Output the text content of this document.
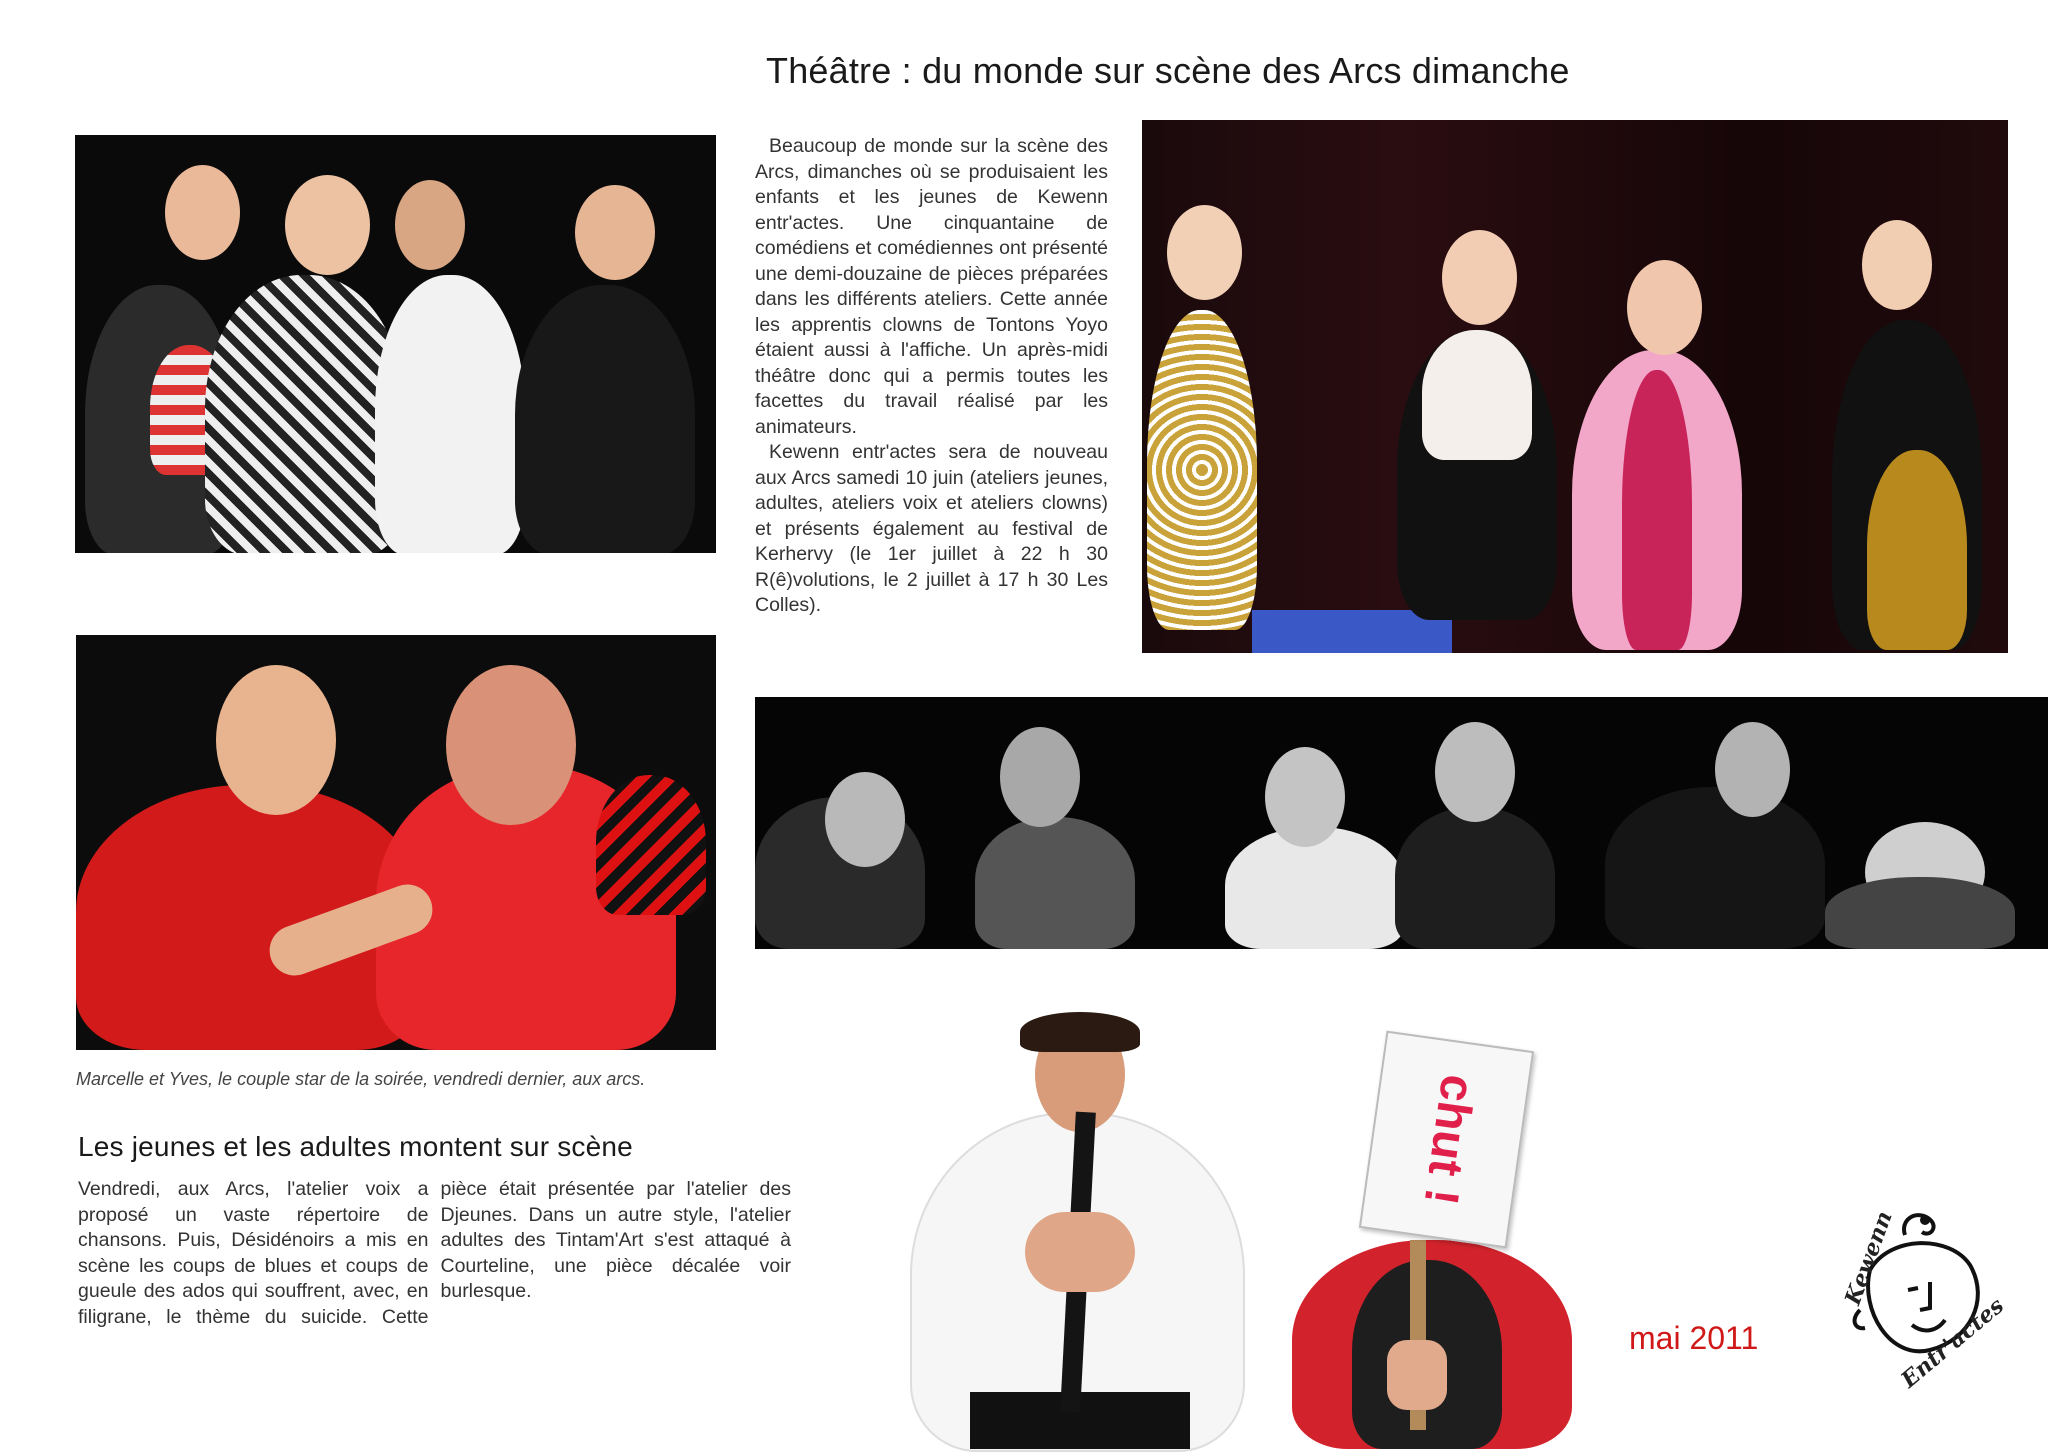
Théâtre : du monde sur scène des Arcs dimanche

Beaucoup de monde sur la scène des Arcs, dimanches où se produisaient les enfants et les jeunes de Kewenn entr'actes. Une cinquantaine de comédiens et comédiennes ont présenté une demi-douzaine de pièces préparées dans les différents ateliers. Cette année les apprentis clowns de Tontons Yoyo étaient aussi à l'affiche. Un après-midi théâtre donc qui a permis toutes les facettes du travail réalisé par les animateurs.

Kewenn entr'actes sera de nouveau aux Arcs samedi 10 juin (ateliers jeunes, adultes, ateliers voix et ateliers clowns) et présents également au festival de Kerhervy (le 1er juillet à 22 h 30 R(ê)volutions, le 2 juillet à 17 h 30 Les Colles).

Marcelle et Yves, le couple star de la soirée, vendredi dernier, aux arcs.
Les jeunes et les adultes montent sur scène
Vendredi, aux Arcs, l'atelier voix a proposé un vaste répertoire de chansons. Puis, Désidénoirs a mis en scène les coups de blues et coups de gueule des ados qui souffrent, avec, en filigrane, le thème du suicide. Cette pièce était présentée par l'atelier des Djeunes. Dans un autre style, l'atelier adultes des Tintam'Art s'est attaqué à Courteline, une pièce décalée voir burlesque.
chut !
mai 2011
Kewenn
Entr'actes
